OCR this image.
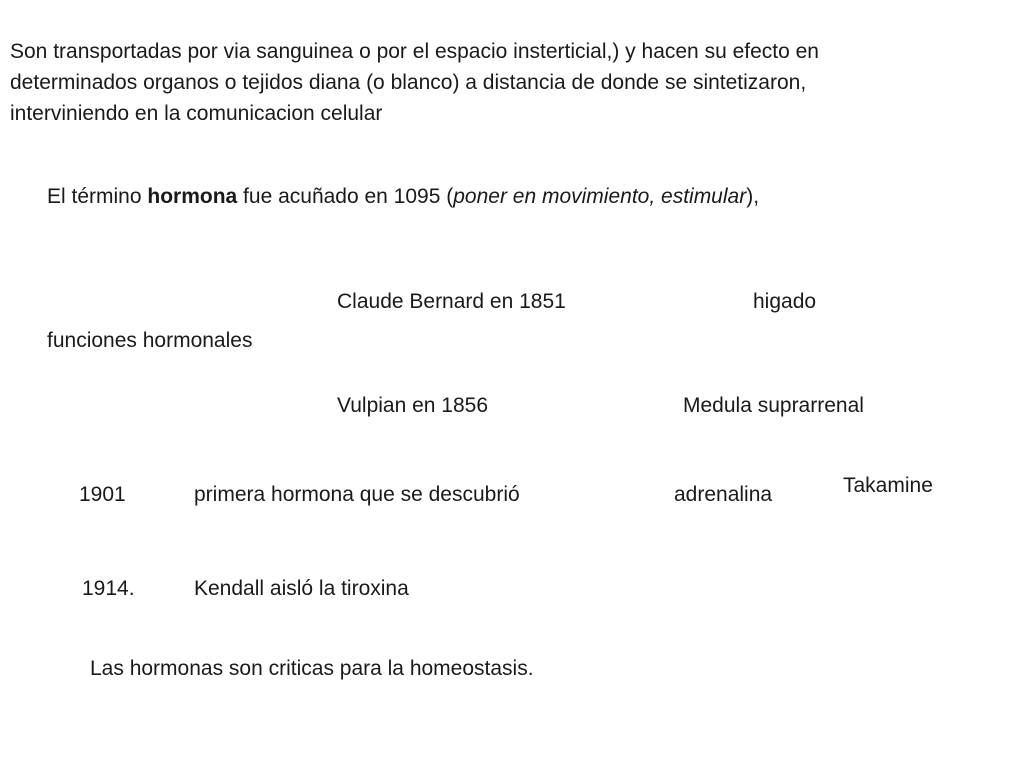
Son transportadas por via sanguinea o por el espacio insterticial,) y hacen su efecto en
determinados organos o tejidos diana (o blanco) a distancia de donde se sintetizaron,
interviniendo en la comunicacion celular
El término hormona fue acuñado en 1095 (poner en movimiento, estimular),
Claude Bernard en 1851	higado
funciones hormonales
Vulpian en 1856	Medula suprarrenal
1901	primera hormona que se descubrió	adrenalina	Takamine
1914.	Kendall aisló la tiroxina
Las hormonas son criticas para la homeostasis.
